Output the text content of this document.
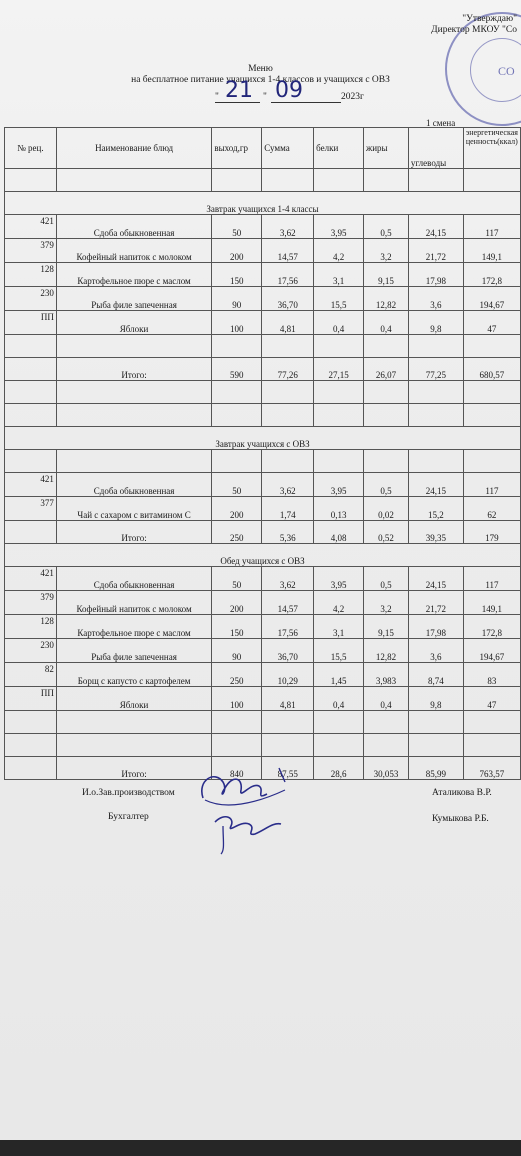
СО
"Утверждаю"
Директор МКОУ "Со
Меню
на бесплатное питание учащихся 1-4 классов и учащихся с ОВЗ
" 21 " 09	2023г
1 смена
№ рец.	Наименование блюд	выход,гр	Сумма	белки	жиры	углеводы	энергетическая ценность(ккал)

Завтрак учащихся 1-4 классы							
421	Сдоба обыкновенная	50	3,62	3,95	0,5	24,15	117
379	Кофейный напиток с молоком	200	14,57	4,2	3,2	21,72	149,1
128	Картофельное пюре с маслом	150	17,56	3,1	9,15	17,98	172,8
230	Рыба филе запеченная	90	36,70	15,5	12,82	3,6	194,67
ПП	Яблоки	100	4,81	0,4	0,4	9,8	47

	Итого:	590	77,26	27,15	26,07	77,25	680,57

Завтрак учащихся с ОВЗ							

421	Сдоба обыкновенная	50	3,62	3,95	0,5	24,15	117
377	Чай с сахаром с витамином С	200	1,74	0,13	0,02	15,2	62
	Итого:	250	5,36	4,08	0,52	39,35	179
Обед учащихся с ОВЗ							
421	Сдоба обыкновенная	50	3,62	3,95	0,5	24,15	117
379	Кофейный напиток с молоком	200	14,57	4,2	3,2	21,72	149,1
128	Картофельное пюре с маслом	150	17,56	3,1	9,15	17,98	172,8
230	Рыба филе запеченная	90	36,70	15,5	12,82	3,6	194,67
82	Борщ с капусто с картофелем	250	10,29	1,45	3,983	8,74	83
ПП	Яблоки	100	4,81	0,4	0,4	9,8	47

	Итого:	840	87,55	28,6	30,053	85,99	763,57
И.о.Зав.производством	Аталикова В.Р.
Бухгалтер	Кумыкова Р.Б.
